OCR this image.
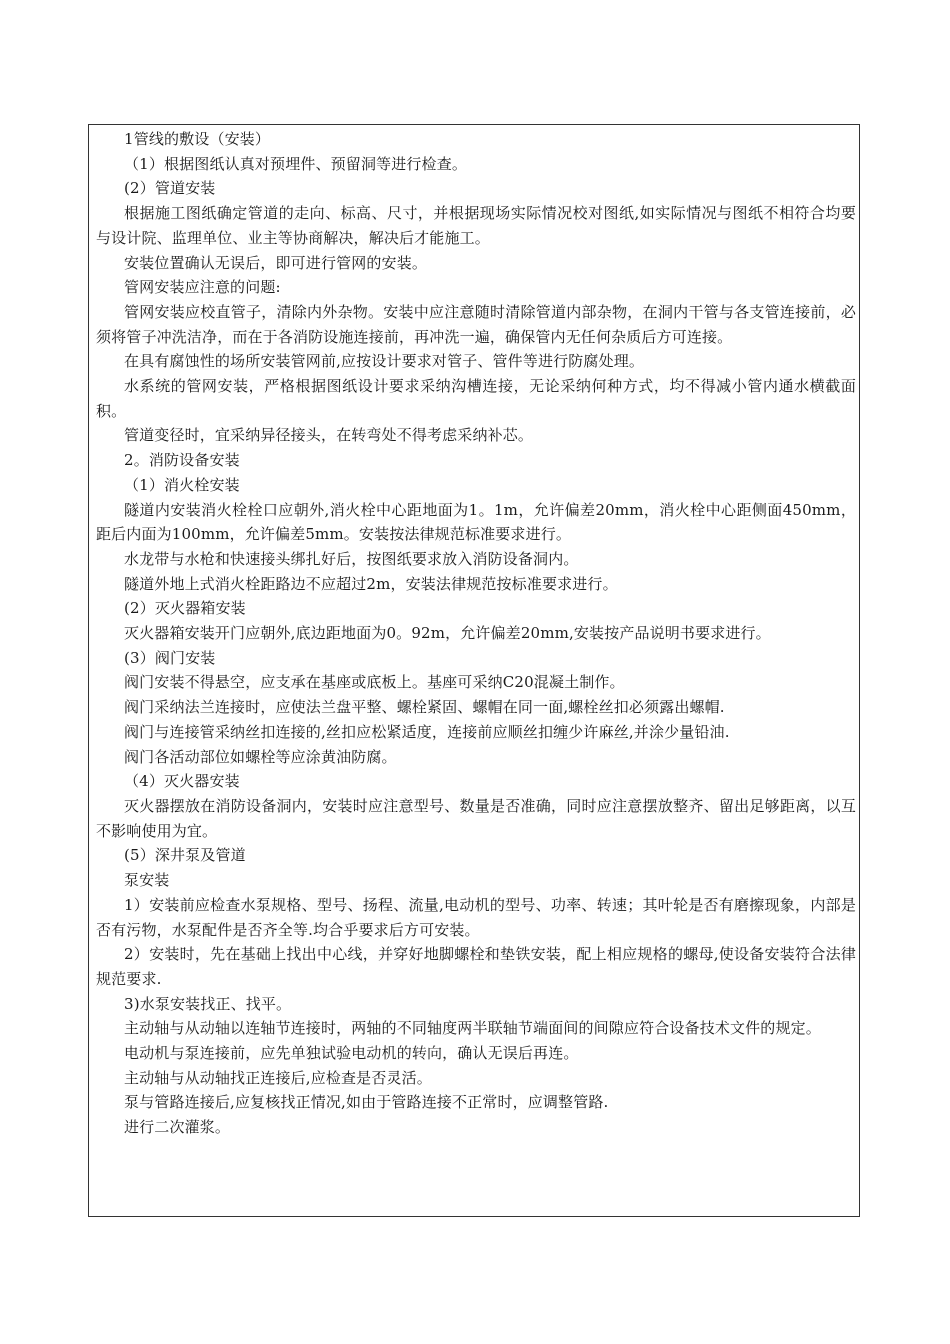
1管线的敷设（安装）

（1）根据图纸认真对预埋件、预留洞等进行检查。

(2）管道安装

根据施工图纸确定管道的走向、标高、尺寸，并根据现场实际情况校对图纸,如实际情况与图纸不相符合均要与设计院、监理单位、业主等协商解决，解决后才能施工。

安装位置确认无误后，即可进行管网的安装。

管网安装应注意的问题:

管网安装应校直管子，清除内外杂物。安装中应注意随时清除管道内部杂物，在洞内干管与各支管连接前，必须将管子冲洗洁净，而在于各消防设施连接前，再冲洗一遍，确保管内无任何杂质后方可连接。

在具有腐蚀性的场所安装管网前,应按设计要求对管子、管件等进行防腐处理。

水系统的管网安装，严格根据图纸设计要求采纳沟槽连接，无论采纳何种方式，均不得减小管内通水横截面积。

管道变径时，宜采纳异径接头，在转弯处不得考虑采纳补芯。

2。消防设备安装

（1）消火栓安装

隧道内安装消火栓栓口应朝外,消火栓中心距地面为1。1m，允许偏差20mm，消火栓中心距侧面450mm，距后内面为100mm，允许偏差5mm。安装按法律规范标准要求进行。

水龙带与水枪和快速接头绑扎好后，按图纸要求放入消防设备洞内。

隧道外地上式消火栓距路边不应超过2m，安装法律规范按标准要求进行。

(2）灭火器箱安装

灭火器箱安装开门应朝外,底边距地面为0。92m，允许偏差20mm,安装按产品说明书要求进行。

(3）阀门安装

阀门安装不得悬空，应支承在基座或底板上。基座可采纳C20混凝土制作。

阀门采纳法兰连接时，应使法兰盘平整、螺栓紧固、螺帽在同一面,螺栓丝扣必须露出螺帽.

阀门与连接管采纳丝扣连接的,丝扣应松紧适度，连接前应顺丝扣缠少许麻丝,并涂少量铅油.

阀门各活动部位如螺栓等应涂黄油防腐。

（4）灭火器安装

灭火器摆放在消防设备洞内，安装时应注意型号、数量是否准确，同时应注意摆放整齐、留出足够距离，以互不影响使用为宜。

(5）深井泵及管道

泵安装

1）安装前应检查水泵规格、型号、扬程、流量,电动机的型号、功率、转速；其叶轮是否有磨擦现象，内部是否有污物，水泵配件是否齐全等.均合乎要求后方可安装。

2）安装时，先在基础上找出中心线，并穿好地脚螺栓和垫铁安装，配上相应规格的螺母,使设备安装符合法律规范要求.

3)水泵安装找正、找平。

主动轴与从动轴以连轴节连接时，两轴的不同轴度两半联轴节端面间的间隙应符合设备技术文件的规定。

电动机与泵连接前，应先单独试验电动机的转向，确认无误后再连。

主动轴与从动轴找正连接后,应检查是否灵活。

泵与管路连接后,应复核找正情况,如由于管路连接不正常时，应调整管路.

进行二次灌浆。
